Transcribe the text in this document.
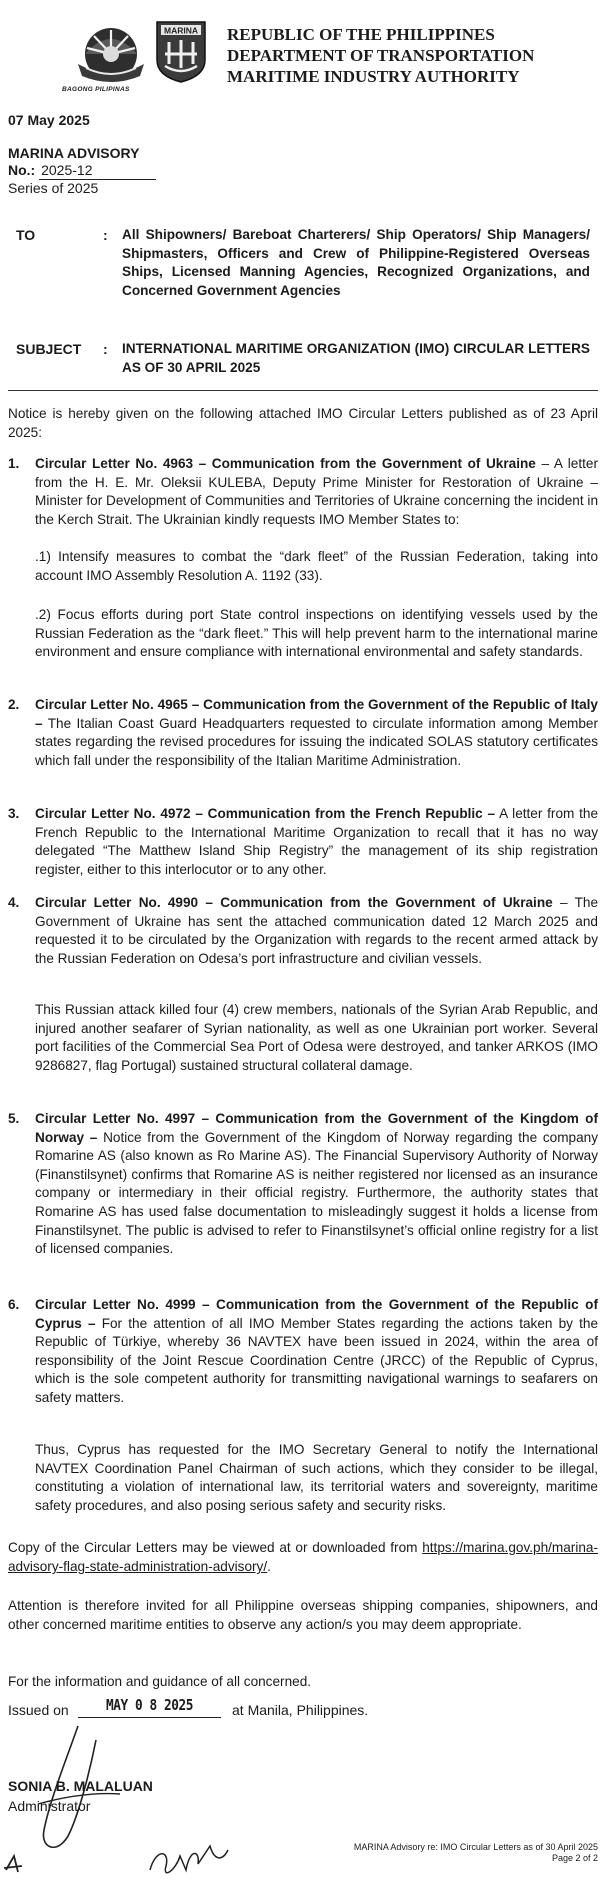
BAGONG PILIPINAS
MARINA REPUBLIC OF THE PHILIPPINES
DEPARTMENT OF TRANSPORTATION
MARITIME INDUSTRY AUTHORITY
07 May 2025
MARINA ADVISORY
No.: 2025-12
Series of 2025
TO	: All Shipowners/ Bareboat Charterers/ Ship Operators/ Ship Managers/ Shipmasters, Officers and Crew of Philippine-Registered Overseas Ships, Licensed Manning Agencies, Recognized Organizations, and Concerned Government Agencies
SUBJECT : INTERNATIONAL MARITIME ORGANIZATION (IMO) CIRCULAR LETTERS AS OF 30 APRIL 2025
Notice is hereby given on the following attached IMO Circular Letters published as of 23 April 2025:
1. Circular Letter No. 4963 – Communication from the Government of Ukraine – A letter from the H. E. Mr. Oleksii KULEBA, Deputy Prime Minister for Restoration of Ukraine – Minister for Development of Communities and Territories of Ukraine concerning the incident in the Kerch Strait. The Ukrainian kindly requests IMO Member States to:
.1) Intensify measures to combat the “dark fleet” of the Russian Federation, taking into account IMO Assembly Resolution A. 1192 (33).
.2) Focus efforts during port State control inspections on identifying vessels used by the Russian Federation as the “dark fleet.” This will help prevent harm to the international marine environment and ensure compliance with international environmental and safety standards.
2. Circular Letter No. 4965 – Communication from the Government of the Republic of Italy – The Italian Coast Guard Headquarters requested to circulate information among Member states regarding the revised procedures for issuing the indicated SOLAS statutory certificates which fall under the responsibility of the Italian Maritime Administration.
3. Circular Letter No. 4972 – Communication from the French Republic – A letter from the French Republic to the International Maritime Organization to recall that it has no way delegated “The Matthew Island Ship Registry” the management of its ship registration register, either to this interlocutor or to any other.
4. Circular Letter No. 4990 – Communication from the Government of Ukraine – The Government of Ukraine has sent the attached communication dated 12 March 2025 and requested it to be circulated by the Organization with regards to the recent armed attack by the Russian Federation on Odesa’s port infrastructure and civilian vessels.
This Russian attack killed four (4) crew members, nationals of the Syrian Arab Republic, and injured another seafarer of Syrian nationality, as well as one Ukrainian port worker. Several port facilities of the Commercial Sea Port of Odesa were destroyed, and tanker ARKOS (IMO 9286827, flag Portugal) sustained structural collateral damage.
5. Circular Letter No. 4997 – Communication from the Government of the Kingdom of Norway – Notice from the Government of the Kingdom of Norway regarding the company Romarine AS (also known as Ro Marine AS). The Financial Supervisory Authority of Norway (Finanstilsynet) confirms that Romarine AS is neither registered nor licensed as an insurance company or intermediary in their official registry. Furthermore, the authority states that Romarine AS has used false documentation to misleadingly suggest it holds a license from Finanstilsynet. The public is advised to refer to Finanstilsynet’s official online registry for a list of licensed companies.
6. Circular Letter No. 4999 – Communication from the Government of the Republic of Cyprus – For the attention of all IMO Member States regarding the actions taken by the Republic of Türkiye, whereby 36 NAVTEX have been issued in 2024, within the area of responsibility of the Joint Rescue Coordination Centre (JRCC) of the Republic of Cyprus, which is the sole competent authority for transmitting navigational warnings to seafarers on safety matters.
Thus, Cyprus has requested for the IMO Secretary General to notify the International NAVTEX Coordination Panel Chairman of such actions, which they consider to be illegal, constituting a violation of international law, its territorial waters and sovereignty, maritime safety procedures, and also posing serious safety and security risks.
Copy of the Circular Letters may be viewed at or downloaded from https://marina.gov.ph/marina-advisory-flag-state-administration-advisory/.
Attention is therefore invited for all Philippine overseas shipping companies, shipowners, and other concerned maritime entities to observe any action/s you may deem appropriate.
For the information and guidance of all concerned.
Issued on MAY 0 8 2025	at Manila, Philippines.
SONIA B. MALALUAN
Administrator
MARINA Advisory re: IMO Circular Letters as of 30 April 2025
Page 2 of 2
